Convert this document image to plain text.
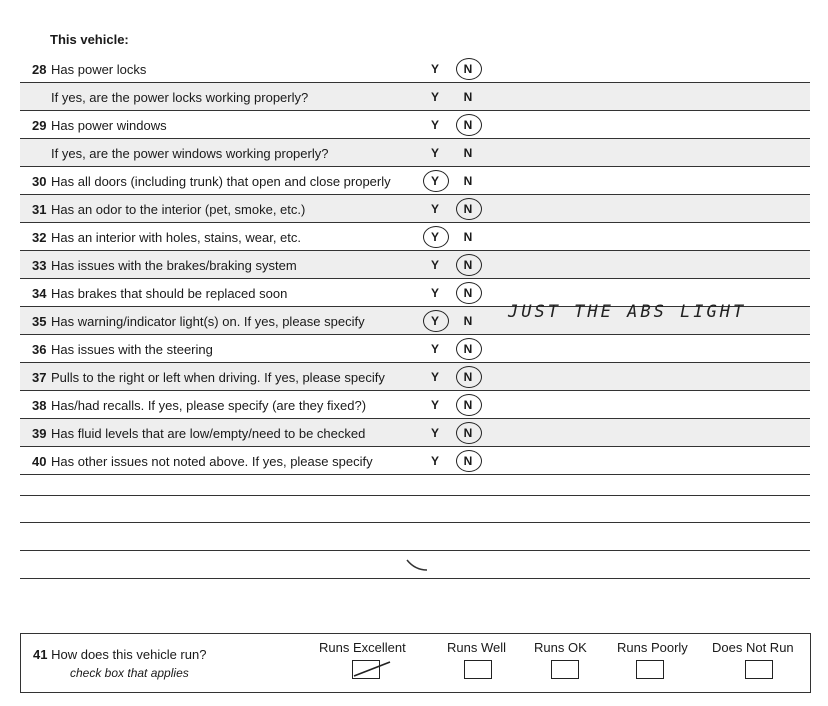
This vehicle:
28 Has power locks	Y N
If yes, are the power locks working properly?	Y N
29 Has power windows	Y N
If yes, are the power windows working properly?	Y N
30 Has all doors (including trunk) that open and close properly	Y N
31 Has an odor to the interior (pet, smoke, etc.)	Y N
32 Has an interior with holes, stains, wear, etc.	Y N
33 Has issues with the brakes/braking system	Y N
34 Has brakes that should be replaced soon	Y N
35 Has warning/indicator light(s) on. If yes, please specify	Y N
36 Has issues with the steering	Y N
37 Pulls to the right or left when driving. If yes, please specify	Y N
38 Has/had recalls. If yes, please specify (are they fixed?)	Y N
39 Has fluid levels that are low/empty/need to be checked	Y N
40 Has other issues not noted above. If yes, please specify	Y N
JUST THE ABS LIGHT
41 How does this vehicle run?
check box that applies
Runs Excellent	Runs Well Runs OK Runs Poorly Does Not Run
